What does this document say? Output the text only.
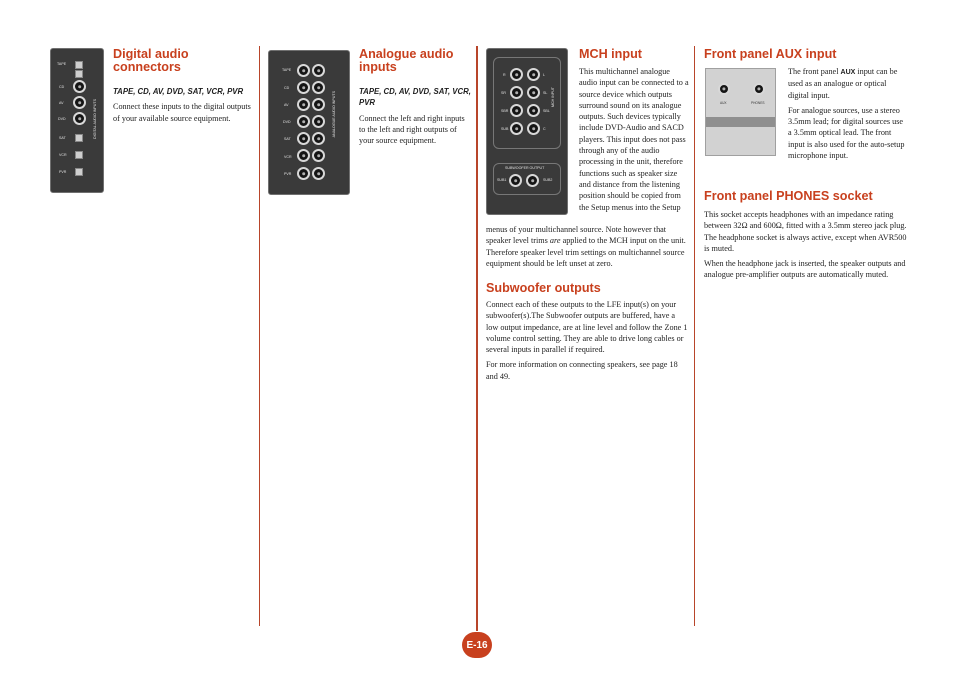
TAPE
CD
AV
DVD
SAT
VCR
PVR
DIGITAL AUDIO INPUTS
Digital audio connectors

TAPE, CD, AV, DVD, SAT, VCR, PVR

Connect these inputs to the digital outputs of your available source equipment.

TAPE
CD
AV
DVD
SAT
VCR
PVR
ANALOGUE AUDIO INPUTS
Analogue audio inputs

TAPE, CD, AV, DVD, SAT, VCR, PVR

Connect the left and right inputs to the left and right outputs of your source equipment.

R
SR
SBR
SUB
L
SL
SBL
C
MCH INPUT
SUBWOOFER OUTPUT
SUB1	SUB2
MCH input

This multichannel analogue audio input can be connected to a source device which outputs surround sound on its analogue outputs. Such devices typically include DVD-Audio and SACD players. This input does not pass through any of the audio processing in the unit, therefore functions such as speaker size and distance from the listening position should be copied from the Setup menus into the Setup

menus of your multichannel source. Note however that speaker level trims are applied to the MCH input on the unit. Therefore speaker level trim settings on multichannel source equipment should be left unset at zero.

Subwoofer outputs

Connect each of these outputs to the LFE input(s) on your subwoofer(s).The Subwoofer outputs are buffered, have a low output impedance, are at line level and follow the Zone 1 volume control setting. They are able to drive long cables or several inputs in parallel if required.

For more information on connecting speakers, see page 18 and 49.

Front panel AUX input
AUX	PHONES

The front panel AUX input can be used as an analogue or optical digital input.

For analogue sources, use a stereo 3.5mm lead; for digital sources use a 3.5mm optical lead. The front input is also used for the auto-setup microphone input.

Front panel PHONES socket

This socket accepts headphones with an impedance rating between 32Ω and 600Ω, fitted with a 3.5mm stereo jack plug. The headphone socket is always active, except when AVR500 is muted.

When the headphone jack is inserted, the speaker outputs and analogue pre-amplifier outputs are automatically muted.

E-16
